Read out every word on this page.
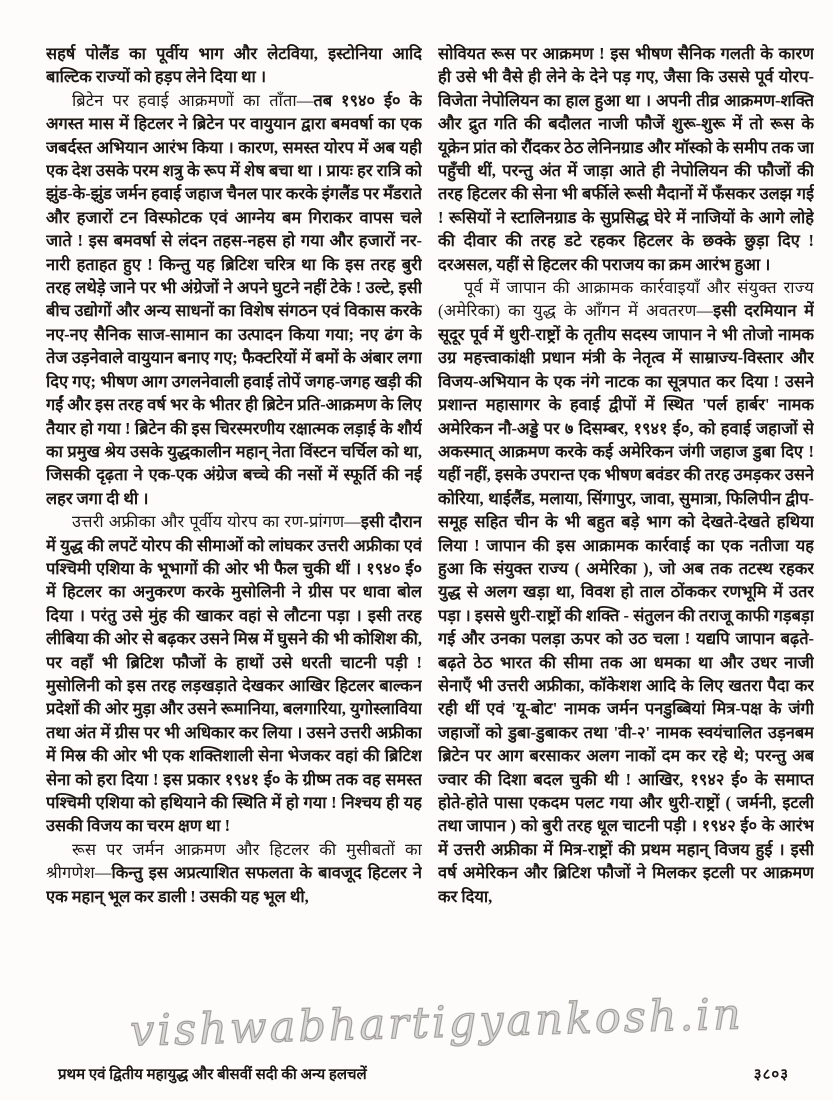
सहर्ष पोलैंड का पूर्वीय भाग और लेटविया, इस्टोनिया आदि बाल्टिक राज्यों को हड़प लेने दिया था ।

ब्रिटेन पर हवाई आक्रमणों का ताँता—तब १९४० ई० के अगस्त मास में हिटलर ने ब्रिटेन पर वायुयान द्वारा बमवर्षा का एक जबर्दस्त अभियान आरंभ किया । कारण, समस्त योरप में अब यही एक देश उसके परम शत्रु के रूप में शेष बचा था । प्रायः हर रात्रि को झुंड-के-झुंड जर्मन हवाई जहाज चैनल पार करके इंगलैंड पर मँडराते और हजारों टन विस्फोटक एवं आग्नेय बम गिराकर वापस चले जाते ! इस बमवर्षा से लंदन तहस-नहस हो गया और हजारों नर-नारी हताहत हुए ! किन्तु यह ब्रिटिश चरित्र था कि इस तरह बुरी तरह लथेड़े जाने पर भी अंग्रेजों ने अपने घुटने नहीं टेके ! उल्टे, इसी बीच उद्योगों और अन्य साधनों का विशेष संगठन एवं विकास करके नए-नए सैनिक साज-सामान का उत्पादन किया गया; नए ढंग के तेज उड़नेवाले वायुयान बनाए गए; फैक्टरियों में बमों के अंबार लगा दिए गए; भीषण आग उगलनेवाली हवाई तोपें जगह-जगह खड़ी की गईं और इस तरह वर्ष भर के भीतर ही ब्रिटेन प्रति-आक्रमण के लिए तैयार हो गया ! ब्रिटेन की इस चिरस्मरणीय रक्षात्मक लड़ाई के शौर्य का प्रमुख श्रेय उसके युद्धकालीन महान् नेता विंस्टन चर्चिल को था, जिसकी दृढ़ता ने एक-एक अंग्रेज बच्चे की नसों में स्फूर्ति की नई लहर जगा दी थी ।

उत्तरी अफ्रीका और पूर्वीय योरप का रण-प्रांगण—इसी दौरान में युद्ध की लपटें योरप की सीमाओं को लांघकर उत्तरी अफ्रीका एवं पश्चिमी एशिया के भूभागों की ओर भी फैल चुकी थीं । १९४० ई० में हिटलर का अनुकरण करके मुसोलिनी ने ग्रीस पर धावा बोल दिया । परंतु उसे मुंह की खाकर वहां से लौटना पड़ा । इसी तरह लीबिया की ओर से बढ़कर उसने मिस्र में घुसने की भी कोशिश की, पर वहाँ भी ब्रिटिश फौजों के हाथों उसे धरती चाटनी पड़ी ! मुसोलिनी को इस तरह लड़खड़ाते देखकर आखिर हिटलर बाल्कन प्रदेशों की ओर मुड़ा और उसने रूमानिया, बलगारिया, युगोस्लाविया तथा अंत में ग्रीस पर भी अधिकार कर लिया । उसने उत्तरी अफ्रीका में मिस्र की ओर भी एक शक्तिशाली सेना भेजकर वहां की ब्रिटिश सेना को हरा दिया ! इस प्रकार १९४१ ई० के ग्रीष्म तक वह समस्त पश्चिमी एशिया को हथियाने की स्थिति में हो गया ! निश्चय ही यह उसकी विजय का चरम क्षण था !

रूस पर जर्मन आक्रमण और हिटलर की मुसीबतों का श्रीगणेश—किन्तु इस अप्रत्याशित सफलता के बावजूद हिटलर ने एक महान् भूल कर डाली ! उसकी यह भूल थी,

सोवियत रूस पर आक्रमण ! इस भीषण सैनिक गलती के कारण ही उसे भी वैसे ही लेने के देने पड़ गए, जैसा कि उससे पूर्व योरप-विजेता नेपोलियन का हाल हुआ था । अपनी तीव्र आक्रमण-शक्ति और द्रुत गति की बदौलत नाजी फौजें शुरू-शुरू में तो रूस के यूक्रेन प्रांत को रौंदकर ठेठ लेनिनग्राड और मॉस्को के समीप तक जा पहुँची थीं, परन्तु अंत में जाड़ा आते ही नेपोलियन की फौजों की तरह हिटलर की सेना भी बर्फीले रूसी मैदानों में फँसकर उलझ गई ! रूसियों ने स्टालिनग्राड के सुप्रसिद्ध घेरे में नाजियों के आगे लोहे की दीवार की तरह डटे रहकर हिटलर के छक्के छुड़ा दिए ! दरअसल, यहीं से हिटलर की पराजय का क्रम आरंभ हुआ ।

पूर्व में जापान की आक्रामक कार्रवाइयाँ और संयुक्त राज्य (अमेरिका) का युद्ध के आँगन में अवतरण—इसी दरमियान में सूदूर पूर्व में धुरी-राष्ट्रों के तृतीय सदस्य जापान ने भी तोजो नामक उग्र महत्त्वाकांक्षी प्रधान मंत्री के नेतृत्व में साम्राज्य-विस्तार और विजय-अभियान के एक नंगे नाटक का सूत्रपात कर दिया ! उसने प्रशान्त महासागर के हवाई द्वीपों में स्थित 'पर्ल हार्बर' नामक अमेरिकन नौ-अड्डे पर ७ दिसम्बर, १९४१ ई०, को हवाई जहाजों से अकस्मात् आक्रमण करके कई अमेरिकन जंगी जहाज डुबा दिए ! यहीं नहीं, इसके उपरान्त एक भीषण बवंडर की तरह उमड़कर उसने कोरिया, थाईलैंड, मलाया, सिंगापुर, जावा, सुमात्रा, फिलिपीन द्वीप-समूह सहित चीन के भी बहुत बड़े भाग को देखते-देखते हथिया लिया ! जापान की इस आक्रामक कार्रवाई का एक नतीजा यह हुआ कि संयुक्त राज्य ( अमेरिका ), जो अब तक तटस्थ रहकर युद्ध से अलग खड़ा था, विवश हो ताल ठोंककर रणभूमि में उतर पड़ा । इससे धुरी-राष्ट्रों की शक्ति - संतुलन की तराजू काफी गड़बड़ा गई और उनका पलड़ा ऊपर को उठ चला ! यद्यपि जापान बढ़ते-बढ़ते ठेठ भारत की सीमा तक आ धमका था और उधर नाजी सेनाएँ भी उत्तरी अफ्रीका, कॉकेशश आदि के लिए खतरा पैदा कर रही थीं एवं 'यू-बोट' नामक जर्मन पनडुब्बियां मित्र-पक्ष के जंगी जहाजों को डुबा-डुबाकर तथा 'वी-२' नामक स्वयंचालित उड़नबम ब्रिटेन पर आग बरसाकर अलग नाकों दम कर रहे थे; परन्तु अब ज्वार की दिशा बदल चुकी थी ! आखिर, १९४२ ई० के समाप्त होते-होते पासा एकदम पलट गया और धुरी-राष्ट्रों ( जर्मनी, इटली तथा जापान ) को बुरी तरह धूल चाटनी पड़ी । १९४२ ई० के आरंभ में उत्तरी अफ्रीका में मित्र-राष्ट्रों की प्रथम महान् विजय हुई । इसी वर्ष अमेरिकन और ब्रिटिश फौजों ने मिलकर इटली पर आक्रमण कर दिया,

vishwabhartigyankosh.in
प्रथम एवं द्वितीय महायुद्ध और बीसवीं सदी की अन्य हलचलें	३८०३
